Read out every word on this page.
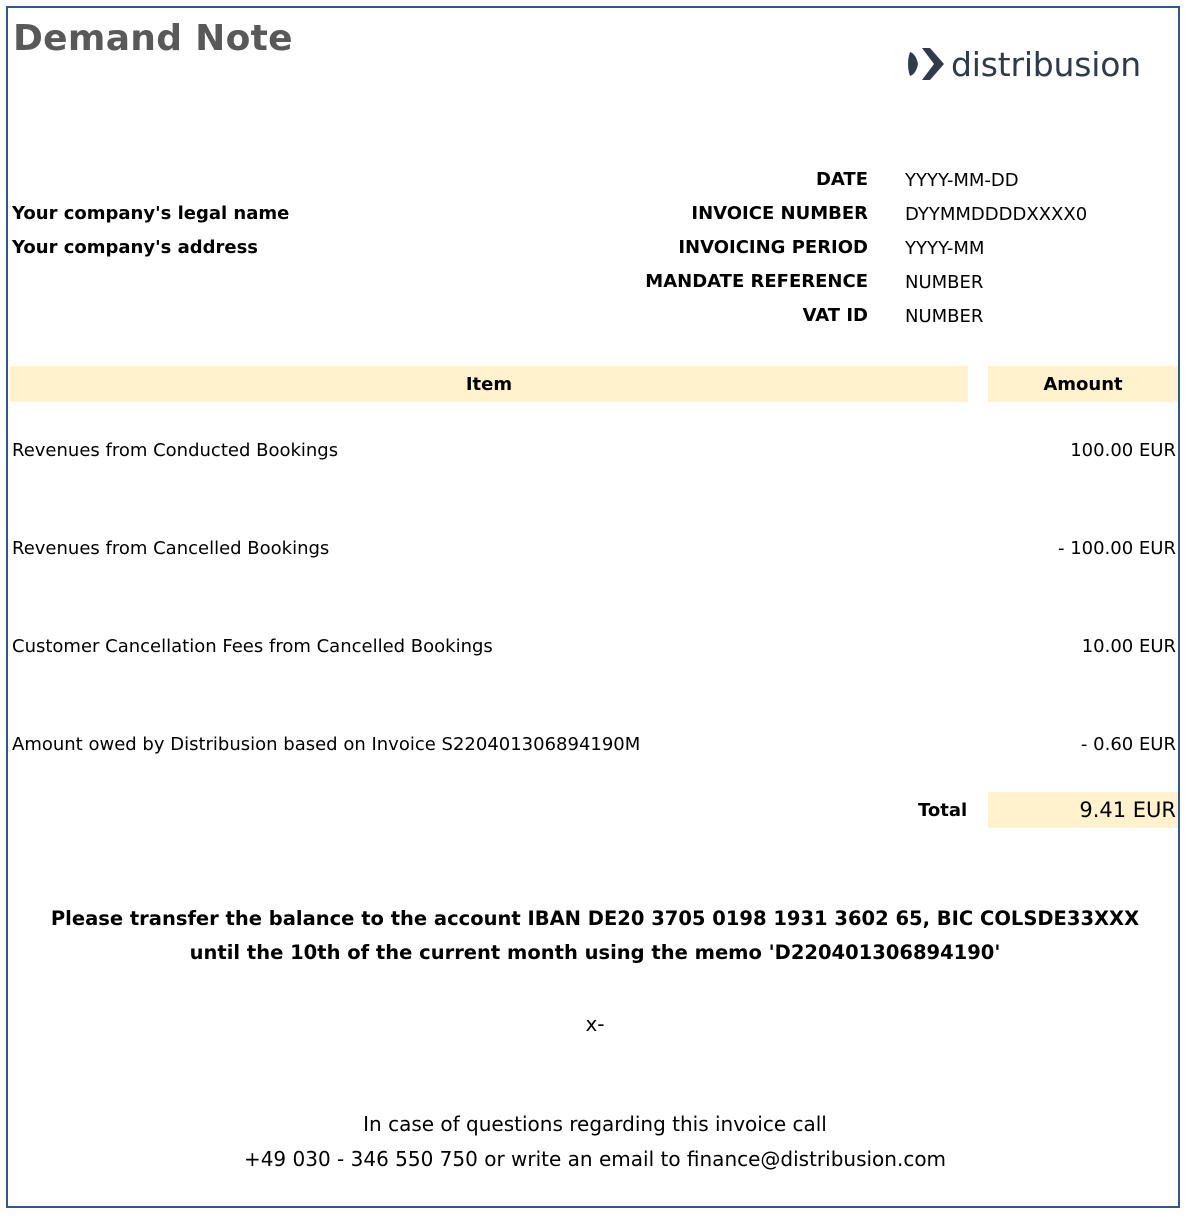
Demand Note
distribusion
Your company's legal name
Your company's address
DATE YYYY-MM-DD
INVOICE NUMBER DYYMMDDDDXXXX0
INVOICING PERIOD YYYY-MM
MANDATE REFERENCE NUMBER
VAT ID NUMBER
Item	Amount
Revenues from Conducted Bookings	100.00 EUR
Revenues from Cancelled Bookings	- 100.00 EUR
Customer Cancellation Fees from Cancelled Bookings	10.00 EUR
Amount owed by Distribusion based on Invoice S220401306894190M	- 0.60 EUR
Total	9.41 EUR
Please transfer the balance to the account IBAN DE20 3705 0198 1931 3602 65, BIC COLSDE33XXX
until the 10th of the current month using the memo 'D220401306894190'
x-
In case of questions regarding this invoice call
+49 030 - 346 550 750 or write an email to finance@distribusion.com
